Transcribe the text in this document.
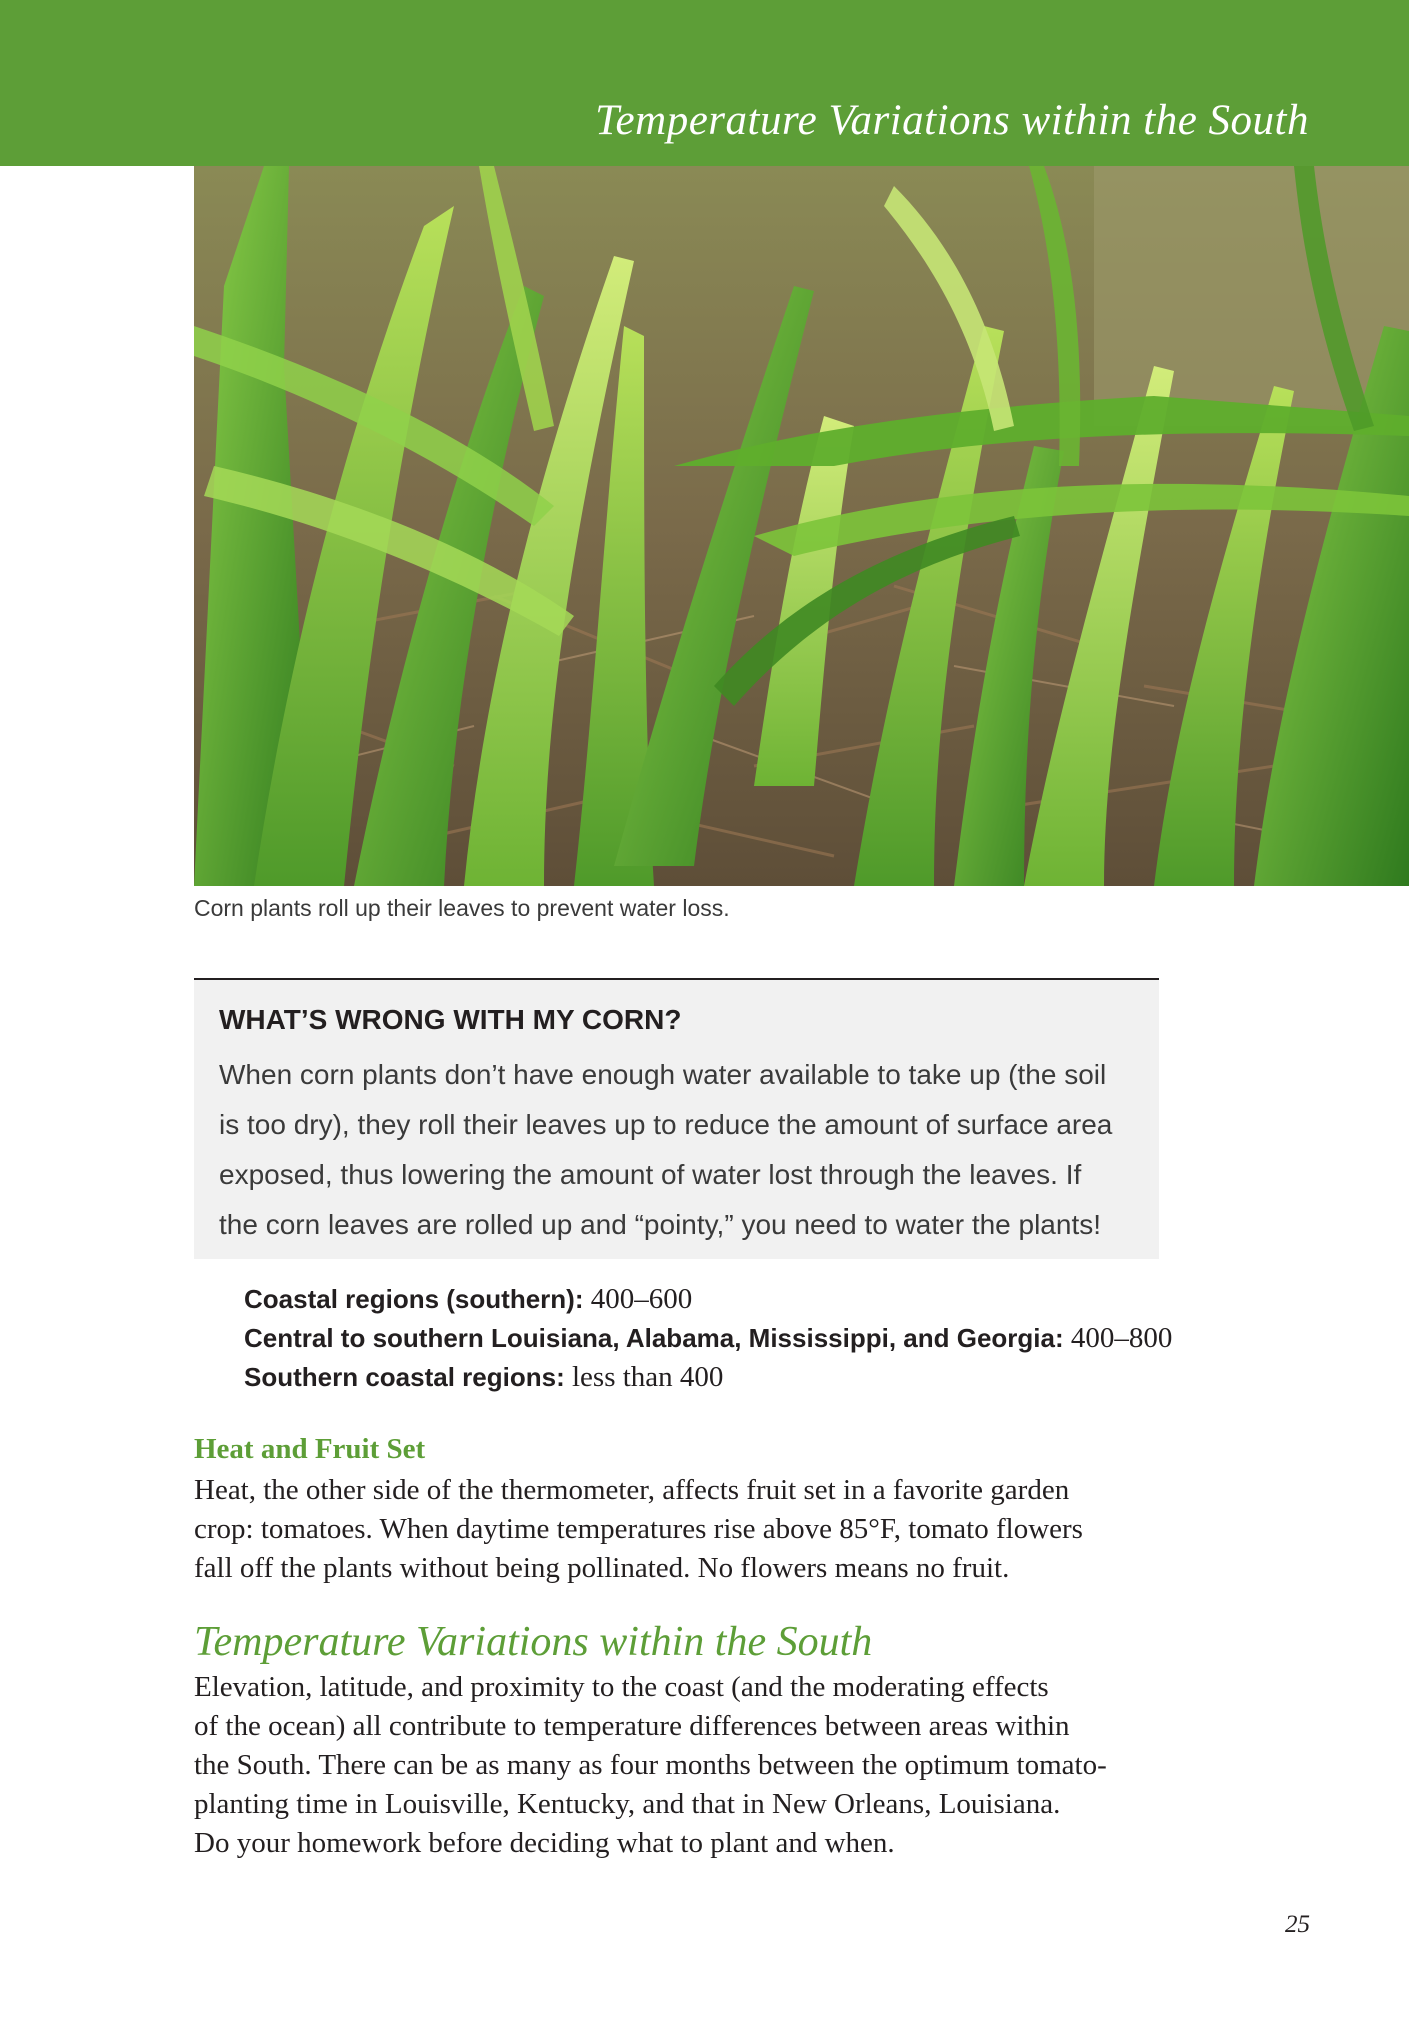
Temperature Variations within the South
Corn plants roll up their leaves to prevent water loss.
WHAT’S WRONG WITH MY CORN?
When corn plants don’t have enough water available to take up (the soil
is too dry), they roll their leaves up to reduce the amount of surface area
exposed, thus lowering the amount of water lost through the leaves. If
the corn leaves are rolled up and “pointy,” you need to water the plants!
Coastal regions (southern): 400–600
Central to southern Louisiana, Alabama, Mississippi, and Georgia: 400–800
Southern coastal regions: less than 400
Heat and Fruit Set
Heat, the other side of the thermometer, affects fruit set in a favorite garden
crop: tomatoes. When daytime temperatures rise above 85°F, tomato flowers
fall off the plants without being pollinated. No flowers means no fruit.
Temperature Variations within the South
Elevation, latitude, and proximity to the coast (and the moderating effects
of the ocean) all contribute to temperature differences between areas within
the South. There can be as many as four months between the optimum tomato-
planting time in Louisville, Kentucky, and that in New Orleans, Louisiana.
Do your homework before deciding what to plant and when.
25
